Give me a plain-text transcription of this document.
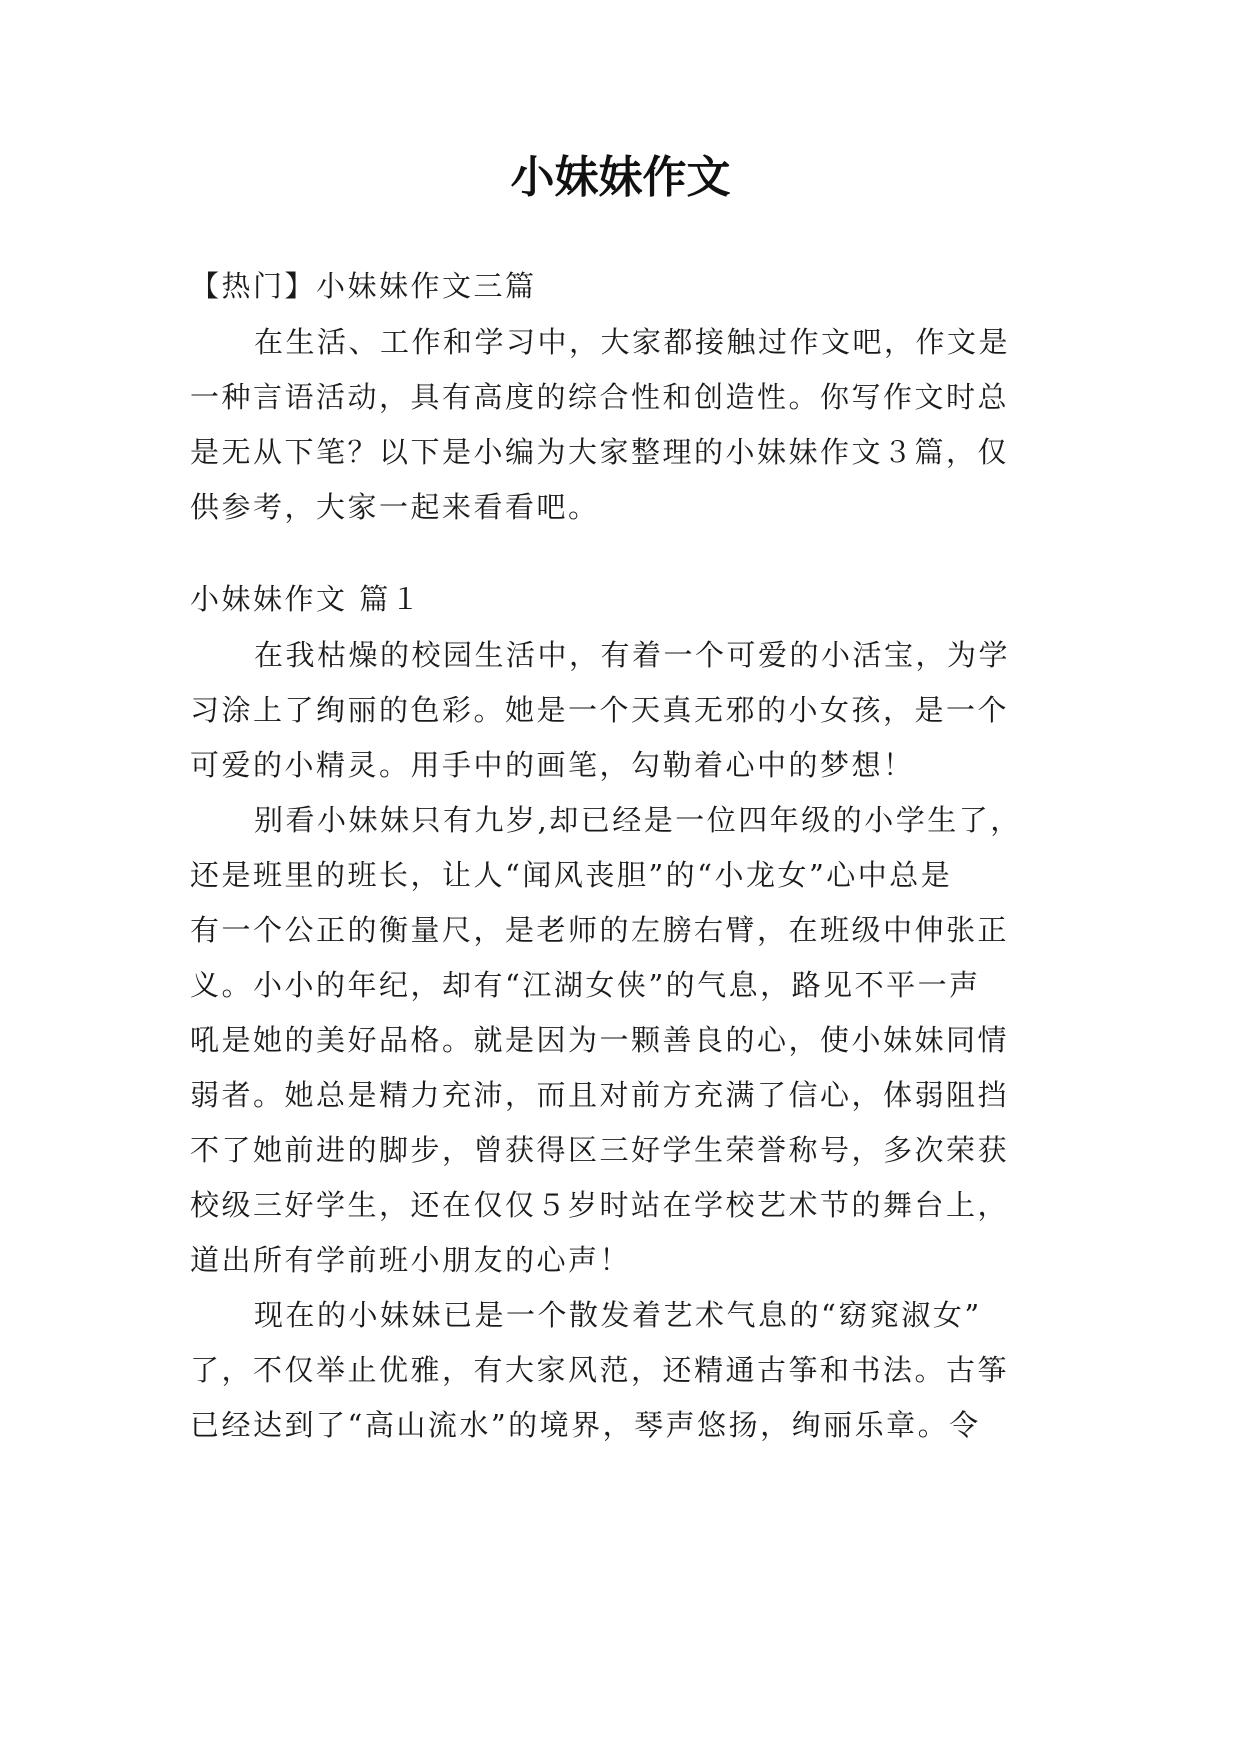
小妹妹作文

【热门】小妹妹作文三篇

在生活、工作和学习中，大家都接触过作文吧，作文是

一种言语活动，具有高度的综合性和创造性。你写作文时总

是无从下笔？以下是小编为大家整理的小妹妹作文３篇，仅

供参考，大家一起来看看吧。

小妹妹作文 篇１

在我枯燥的校园生活中，有着一个可爱的小活宝，为学

习涂上了绚丽的色彩。她是一个天真无邪的小女孩，是一个

可爱的小精灵。用手中的画笔，勾勒着心中的梦想！

别看小妹妹只有九岁,却已经是一位四年级的小学生了，

还是班里的班长，让人“闻风丧胆”的“小龙女”心中总是

有一个公正的衡量尺，是老师的左膀右臂，在班级中伸张正

义。小小的年纪，却有“江湖女侠”的气息，路见不平一声

吼是她的美好品格。就是因为一颗善良的心，使小妹妹同情

弱者。她总是精力充沛，而且对前方充满了信心，体弱阻挡

不了她前进的脚步，曾获得区三好学生荣誉称号，多次荣获

校级三好学生，还在仅仅５岁时站在学校艺术节的舞台上，

道出所有学前班小朋友的心声！

现在的小妹妹已是一个散发着艺术气息的“窈窕淑女”

了，不仅举止优雅，有大家风范，还精通古筝和书法。古筝

已经达到了“高山流水”的境界，琴声悠扬，绚丽乐章。令
